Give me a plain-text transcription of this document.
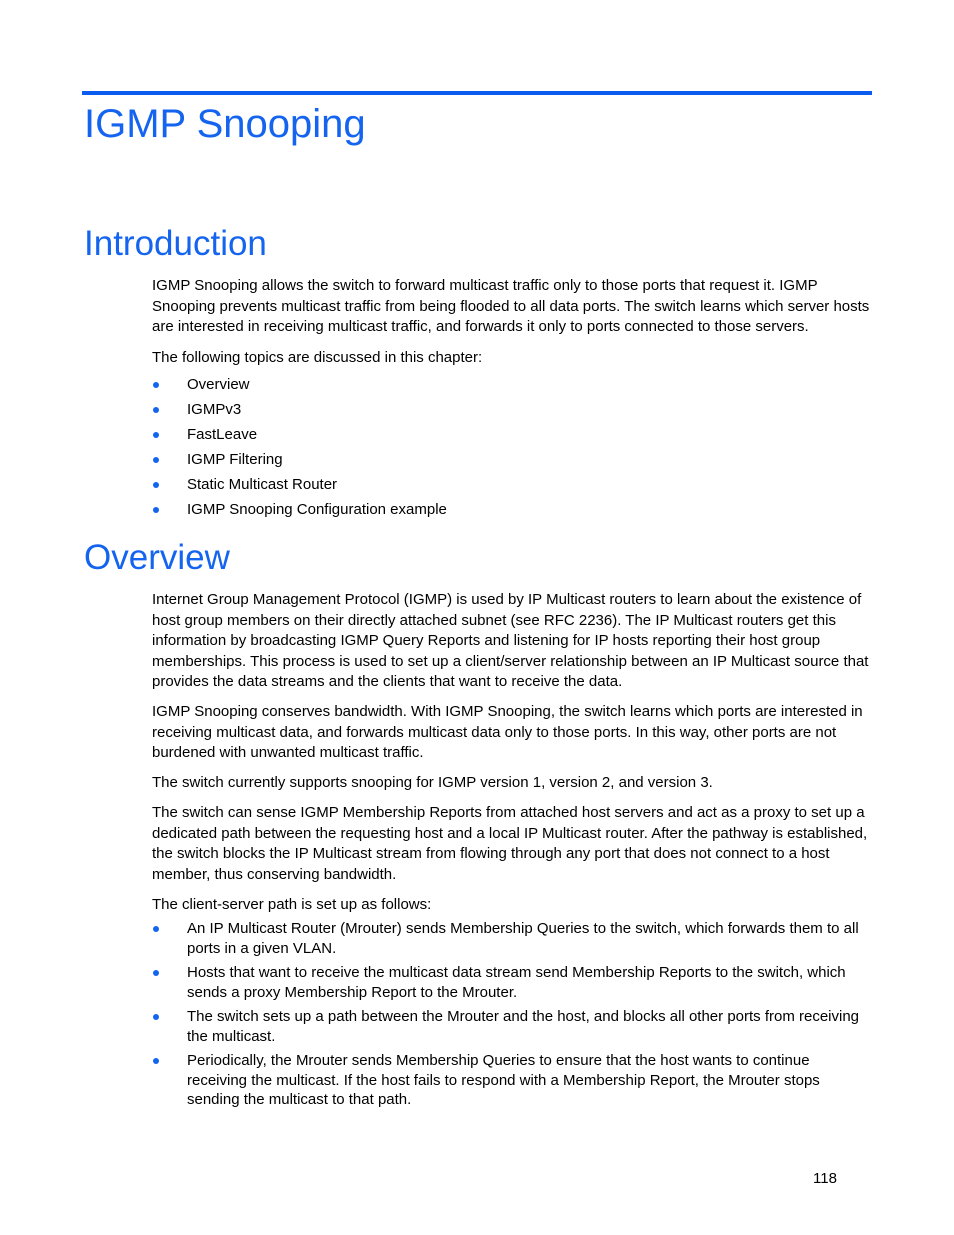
IGMP Snooping
Introduction

IGMP Snooping allows the switch to forward multicast traffic only to those ports that request it. IGMP Snooping prevents multicast traffic from being flooded to all data ports. The switch learns which server hosts are interested in receiving multicast traffic, and forwards it only to ports connected to those servers.

The following topics are discussed in this chapter:

Overview
IGMPv3
FastLeave
IGMP Filtering
Static Multicast Router
IGMP Snooping Configuration example
Overview

Internet Group Management Protocol (IGMP) is used by IP Multicast routers to learn about the existence of host group members on their directly attached subnet (see RFC 2236). The IP Multicast routers get this information by broadcasting IGMP Query Reports and listening for IP hosts reporting their host group memberships. This process is used to set up a client/server relationship between an IP Multicast source that provides the data streams and the clients that want to receive the data.

IGMP Snooping conserves bandwidth. With IGMP Snooping, the switch learns which ports are interested in receiving multicast data, and forwards multicast data only to those ports. In this way, other ports are not burdened with unwanted multicast traffic.

The switch currently supports snooping for IGMP version 1, version 2, and version 3.

The switch can sense IGMP Membership Reports from attached host servers and act as a proxy to set up a dedicated path between the requesting host and a local IP Multicast router. After the pathway is established, the switch blocks the IP Multicast stream from flowing through any port that does not connect to a host member, thus conserving bandwidth.

The client-server path is set up as follows:

An IP Multicast Router (Mrouter) sends Membership Queries to the switch, which forwards them to all ports in a given VLAN.
Hosts that want to receive the multicast data stream send Membership Reports to the switch, which sends a proxy Membership Report to the Mrouter.
The switch sets up a path between the Mrouter and the host, and blocks all other ports from receiving the multicast.
Periodically, the Mrouter sends Membership Queries to ensure that the host wants to continue receiving the multicast. If the host fails to respond with a Membership Report, the Mrouter stops sending the multicast to that path.
118
